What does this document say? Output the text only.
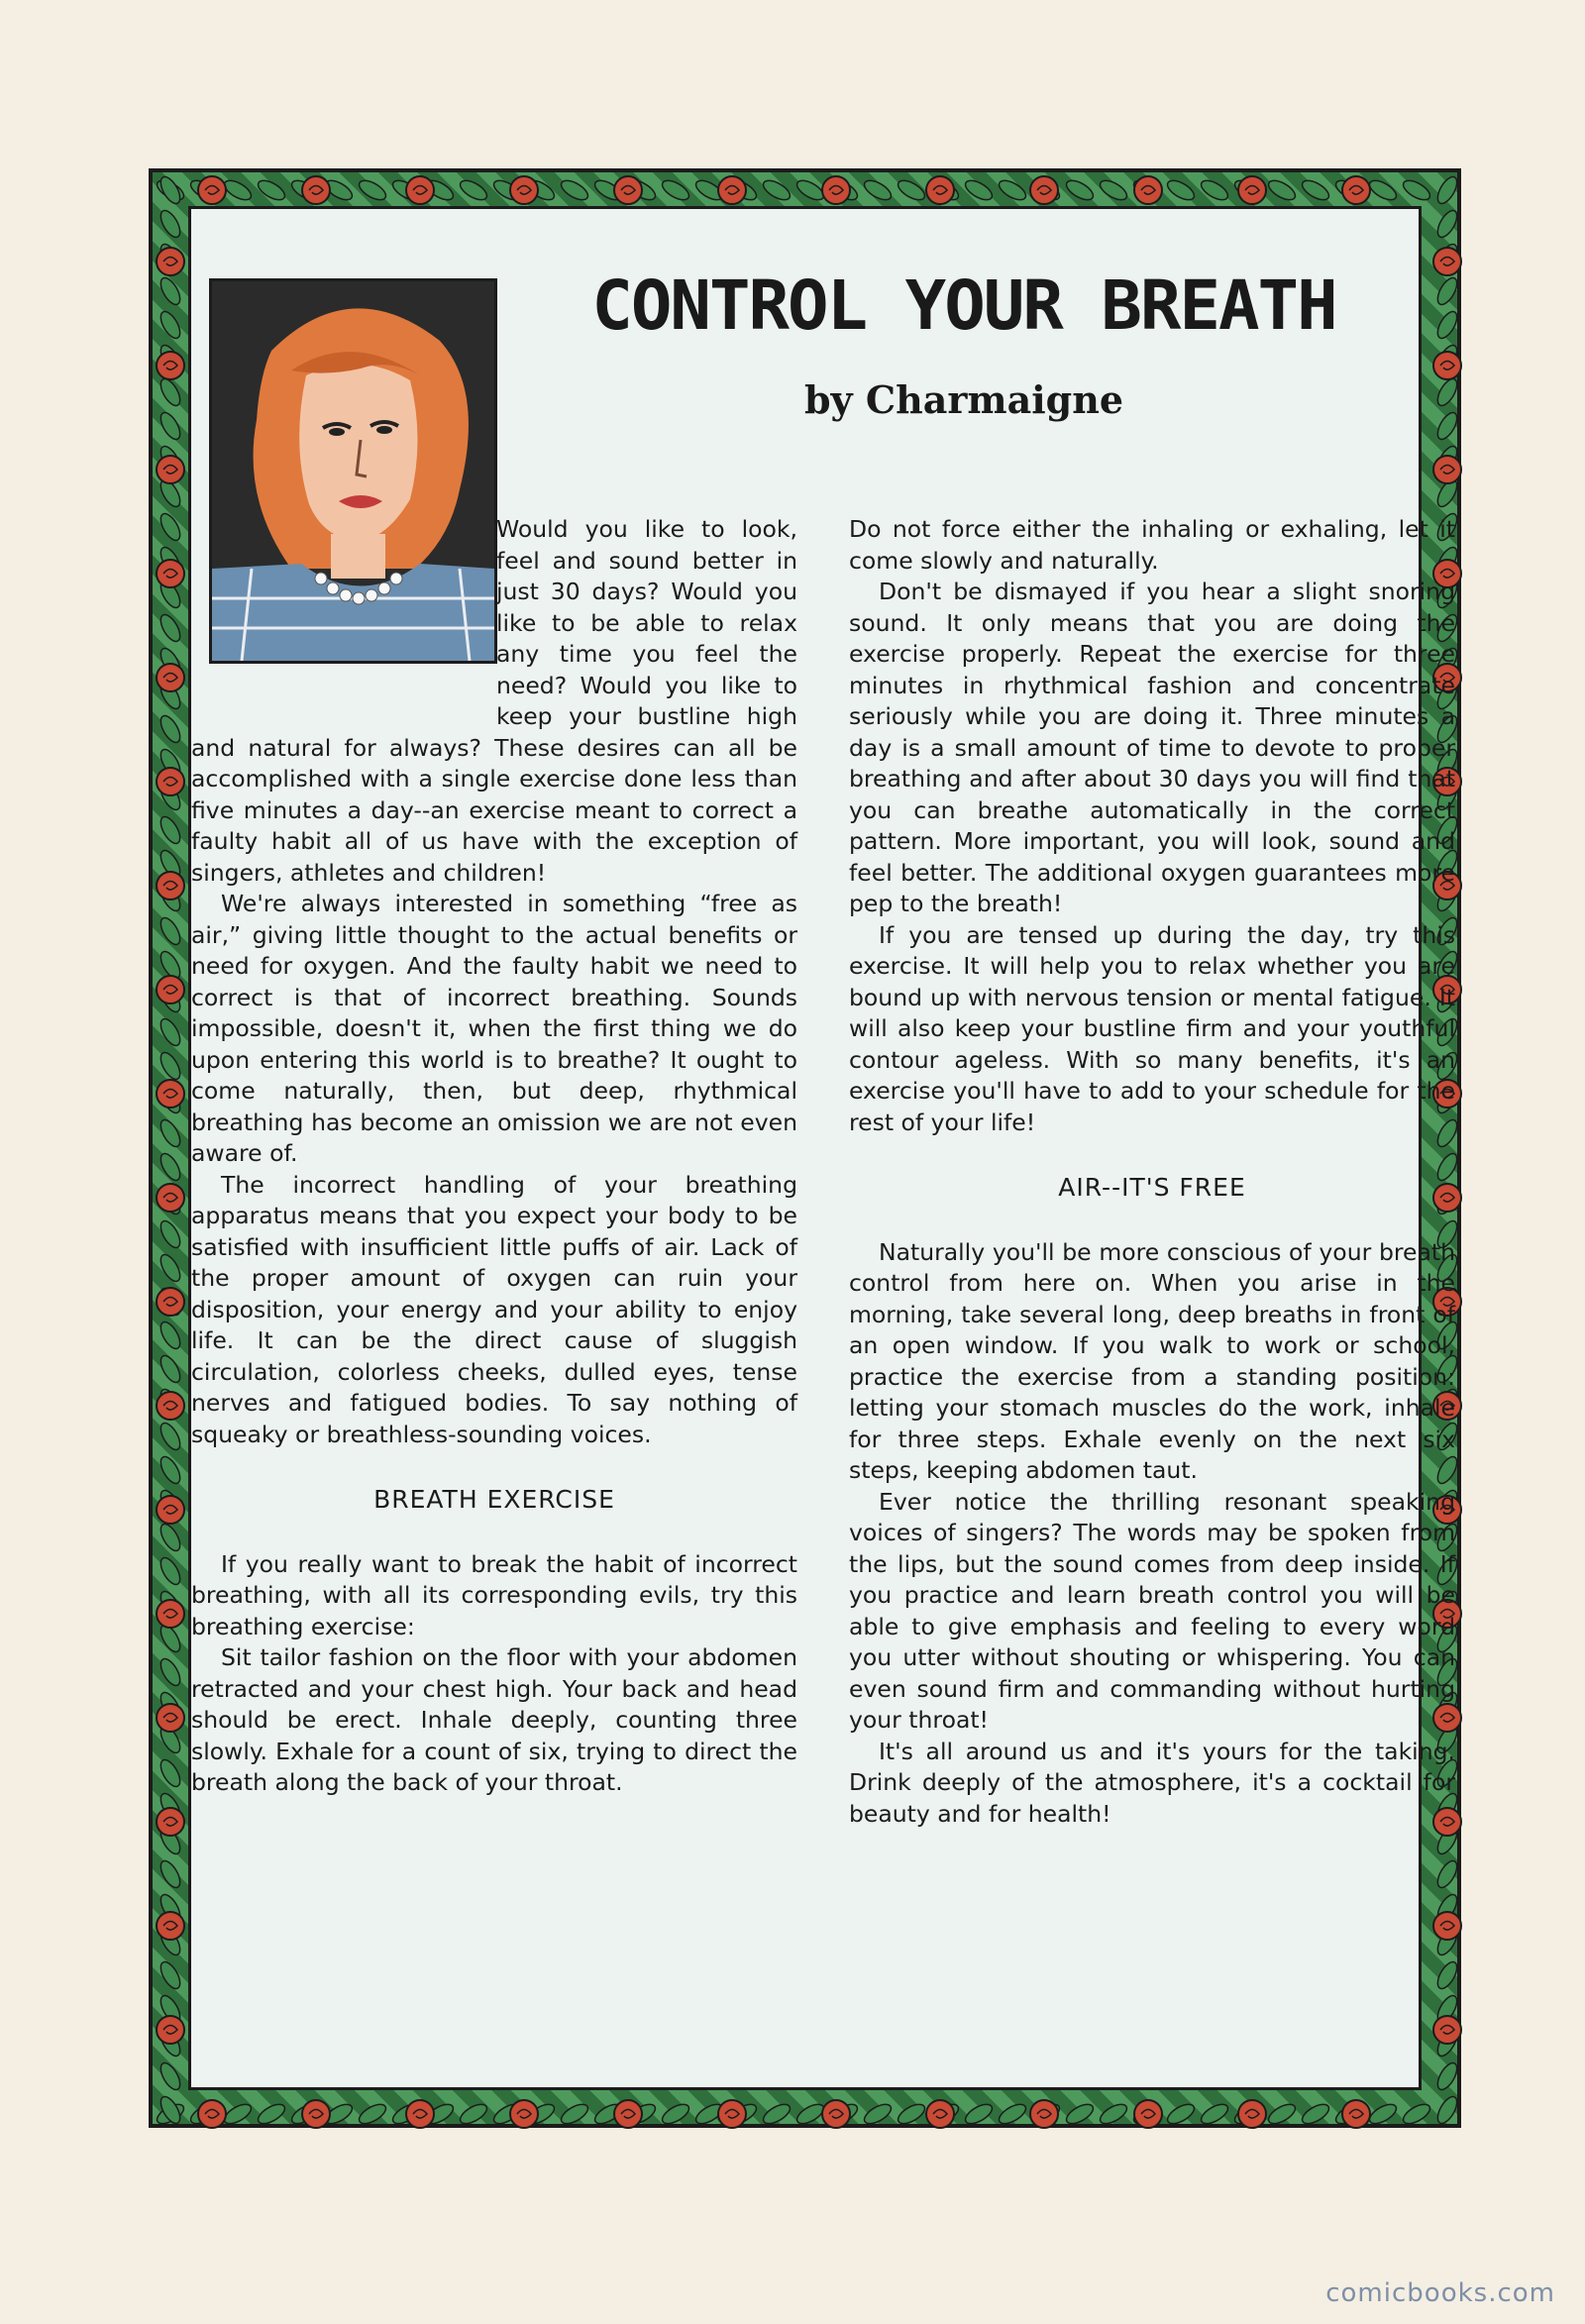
CONTROL YOUR BREATH
by Charmaigne

Would you like to look, feel and sound better in just 30 days? Would you like to be able to relax any time you feel the need? Would you like to keep your bustline high and natural for always? These desires can all be accomplished with a single exercise done less than five minutes a day--an exercise meant to correct a faulty habit all of us have with the exception of singers, athletes and children!

We're always interested in something “free as air,” giving little thought to the actual benefits or need for oxygen. And the faulty habit we need to correct is that of incorrect breathing. Sounds impossible, doesn't it, when the first thing we do upon entering this world is to breathe? It ought to come naturally, then, but deep, rhythmical breathing has become an omission we are not even aware of.

The incorrect handling of your breathing apparatus means that you expect your body to be satisfied with insufficient little puffs of air. Lack of the proper amount of oxygen can ruin your disposition, your energy and your ability to enjoy life. It can be the direct cause of sluggish circulation, colorless cheeks, dulled eyes, tense nerves and fatigued bodies. To say nothing of squeaky or breathless-sounding voices.

BREATH EXERCISE

If you really want to break the habit of incorrect breathing, with all its corresponding evils, try this breathing exercise:

Sit tailor fashion on the floor with your abdomen retracted and your chest high. Your back and head should be erect. Inhale deeply, counting three slowly. Exhale for a count of six, trying to direct the breath along the back of your throat.

Do not force either the inhaling or exhaling, let it come slowly and naturally.

Don't be dismayed if you hear a slight snoring sound. It only means that you are doing the exercise properly. Repeat the exercise for three minutes in rhythmical fashion and concentrate seriously while you are doing it. Three minutes a day is a small amount of time to devote to proper breathing and after about 30 days you will find that you can breathe automatically in the correct pattern. More important, you will look, sound and feel better. The additional oxygen guarantees more pep to the breath!

If you are tensed up during the day, try this exercise. It will help you to relax whether you are bound up with nervous tension or mental fatigue. It will also keep your bustline firm and your youthful contour ageless. With so many benefits, it's an exercise you'll have to add to your schedule for the rest of your life!

AIR--IT'S FREE

Naturally you'll be more conscious of your breath control from here on. When you arise in the morning, take several long, deep breaths in front of an open window. If you walk to work or school, practice the exercise from a standing position: letting your stomach muscles do the work, inhale for three steps. Exhale evenly on the next six steps, keeping abdomen taut.

Ever notice the thrilling resonant speaking voices of singers? The words may be spoken from the lips, but the sound comes from deep inside. If you practice and learn breath control you will be able to give emphasis and feeling to every word you utter without shouting or whispering. You can even sound firm and commanding without hurting your throat!

It's all around us and it's yours for the taking. Drink deeply of the atmosphere, it's a cocktail for beauty and for health!

comicbooks.com
